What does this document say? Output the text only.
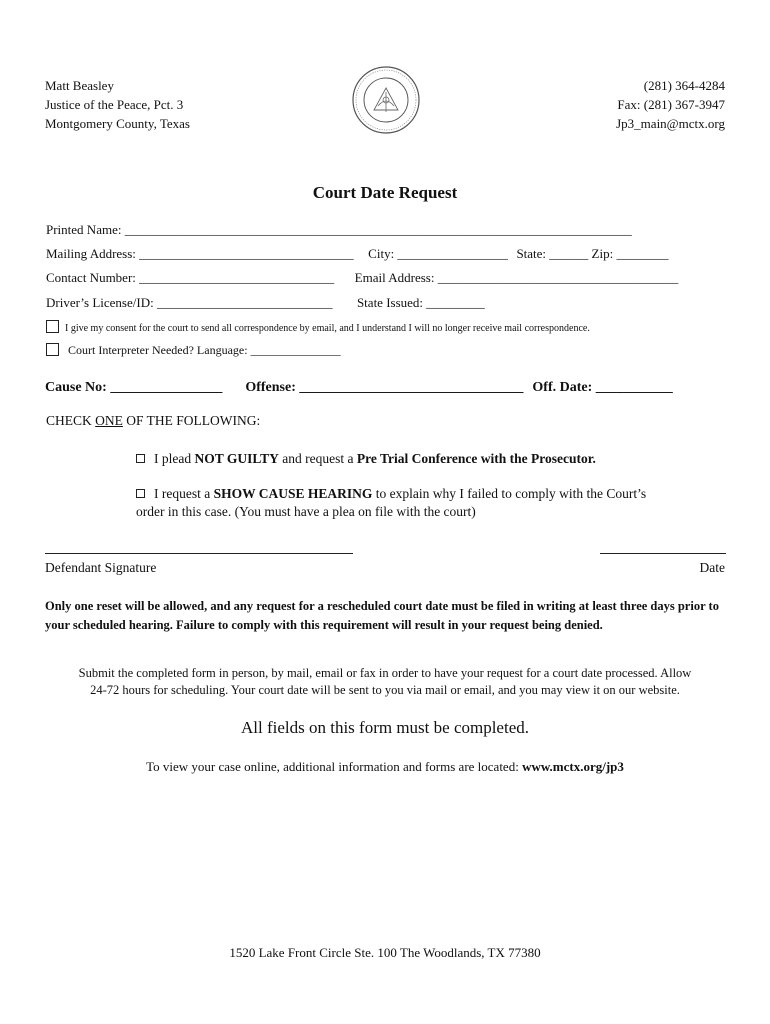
Matt Beasley
Justice of the Peace, Pct. 3
Montgomery County, Texas
(281) 364-4284
Fax: (281) 367-3947
Jp3_main@mctx.org
Court Date Request
Printed Name: ______________________________________________________________________________
Mailing Address: _________________________________ City: _________________ State: ______ Zip: ________
Contact Number: ______________________________ Email Address: _____________________________________
Driver’s License/ID: ___________________________ State Issued: _________
I give my consent for the court to send all correspondence by email, and I understand I will no longer receive mail correspondence.
Court Interpreter Needed? Language: _______________
Cause No: ________________ Offense: ________________________________ Off. Date: ___________
CHECK ONE OF THE FOLLOWING:
I plead NOT GUILTY and request a Pre Trial Conference with the Prosecutor.
I request a SHOW CAUSE HEARING to explain why I failed to comply with the Court’s
order in this case. (You must have a plea on file with the court)
Defendant Signature	Date
Only one reset will be allowed, and any request for a rescheduled court date must be filed in writing at least three days prior to your scheduled hearing. Failure to comply with this requirement will result in your request being denied.
Submit the completed form in person, by mail, email or fax in order to have your request for a court date processed. Allow
24-72 hours for scheduling. Your court date will be sent to you via mail or email, and you may view it on our website.
All fields on this form must be completed.
To view your case online, additional information and forms are located: www.mctx.org/jp3
1520 Lake Front Circle Ste. 100 The Woodlands, TX 77380
